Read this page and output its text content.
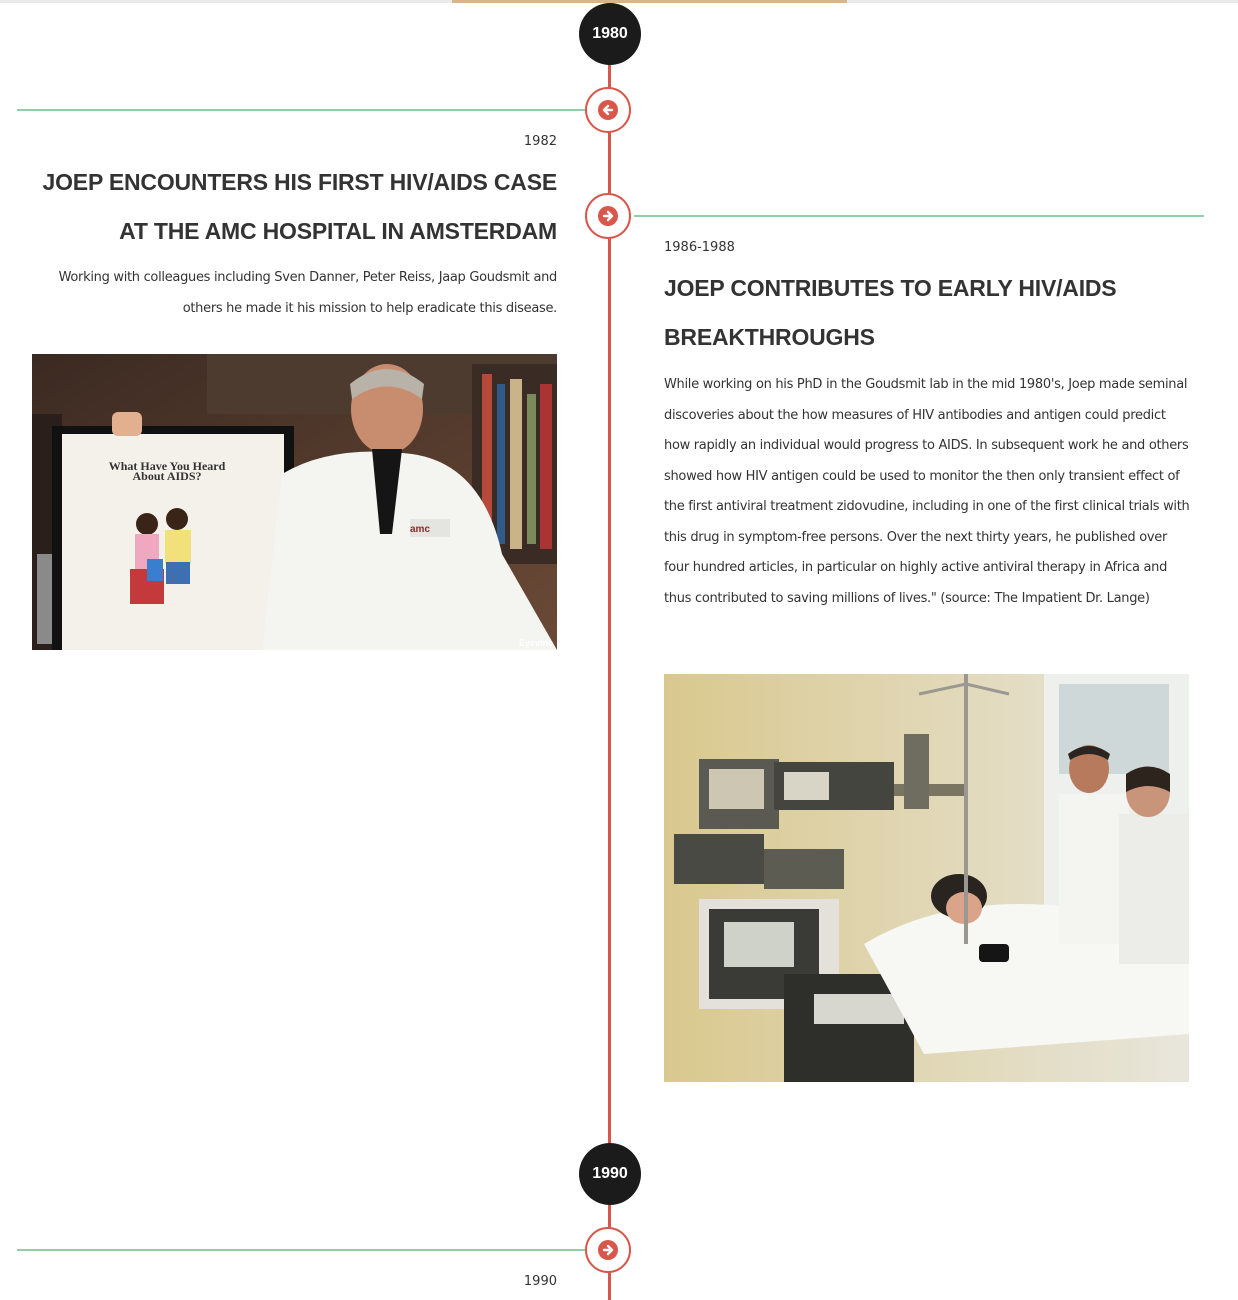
1980
1982
JOEP ENCOUNTERS HIS FIRST HIV/AIDS CASE AT THE AMC HOSPITAL IN AMSTERDAM
Working with colleagues including Sven Danner, Peter Reiss, Jaap Goudsmit and others he made it his mission to help eradicate this disease.
What Have You Heard
About AIDS?
amc
Eyevine
1986-1988
JOEP CONTRIBUTES TO EARLY HIV/AIDS BREAKTHROUGHS
While working on his PhD in the Goudsmit lab in the mid 1980's, Joep made seminal discoveries about the how measures of HIV antibodies and antigen could predict how rapidly an individual would progress to AIDS. In subsequent work he and others showed how HIV antigen could be used to monitor the then only transient effect of the first antiviral treatment zidovudine, including in one of the first clinical trials with this drug in symptom-free persons. Over the next thirty years, he published over four hundred articles, in particular on highly active antiviral therapy in Africa and thus contributed to saving millions of lives." (source: The Impatient Dr. Lange)
1990
1990
